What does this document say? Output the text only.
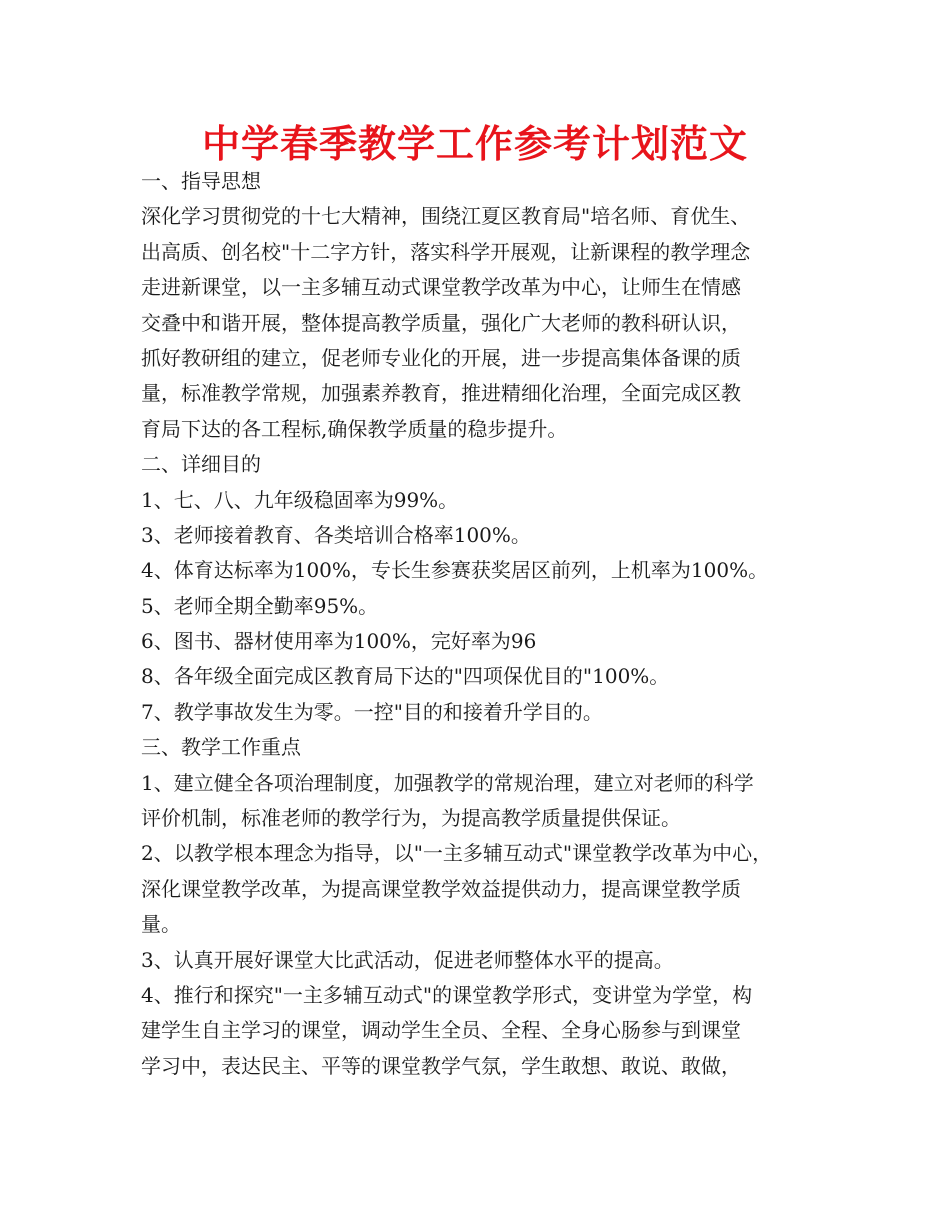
中学春季教学工作参考计划范文
一、指导思想
深化学习贯彻党的十七大精神，围绕江夏区教育局"培名师、育优生、
出高质、创名校"十二字方针，落实科学开展观，让新课程的教学理念
走进新课堂，以一主多辅互动式课堂教学改革为中心，让师生在情感
交叠中和谐开展，整体提高教学质量，强化广大老师的教科研认识，
抓好教研组的建立，促老师专业化的开展，进一步提高集体备课的质
量，标准教学常规，加强素养教育，推进精细化治理，全面完成区教
育局下达的各工程标,确保教学质量的稳步提升。
二、详细目的
1、七、八、九年级稳固率为99%。
3、老师接着教育、各类培训合格率100%。
4、体育达标率为100%，专长生参赛获奖居区前列，上机率为100%。
5、老师全期全勤率95%。
6、图书、器材使用率为100%，完好率为96
8、各年级全面完成区教育局下达的"四项保优目的"100%。
7、教学事故发生为零。一控"目的和接着升学目的。
三、教学工作重点
1、建立健全各项治理制度，加强教学的常规治理，建立对老师的科学
评价机制，标准老师的教学行为，为提高教学质量提供保证。
2、以教学根本理念为指导，以"一主多辅互动式"课堂教学改革为中心，
深化课堂教学改革，为提高课堂教学效益提供动力，提高课堂教学质
量。
3、认真开展好课堂大比武活动，促进老师整体水平的提高。
4、推行和探究"一主多辅互动式"的课堂教学形式，变讲堂为学堂，构
建学生自主学习的课堂，调动学生全员、全程、全身心肠参与到课堂
学习中，表达民主、平等的课堂教学气氛，学生敢想、敢说、敢做，
